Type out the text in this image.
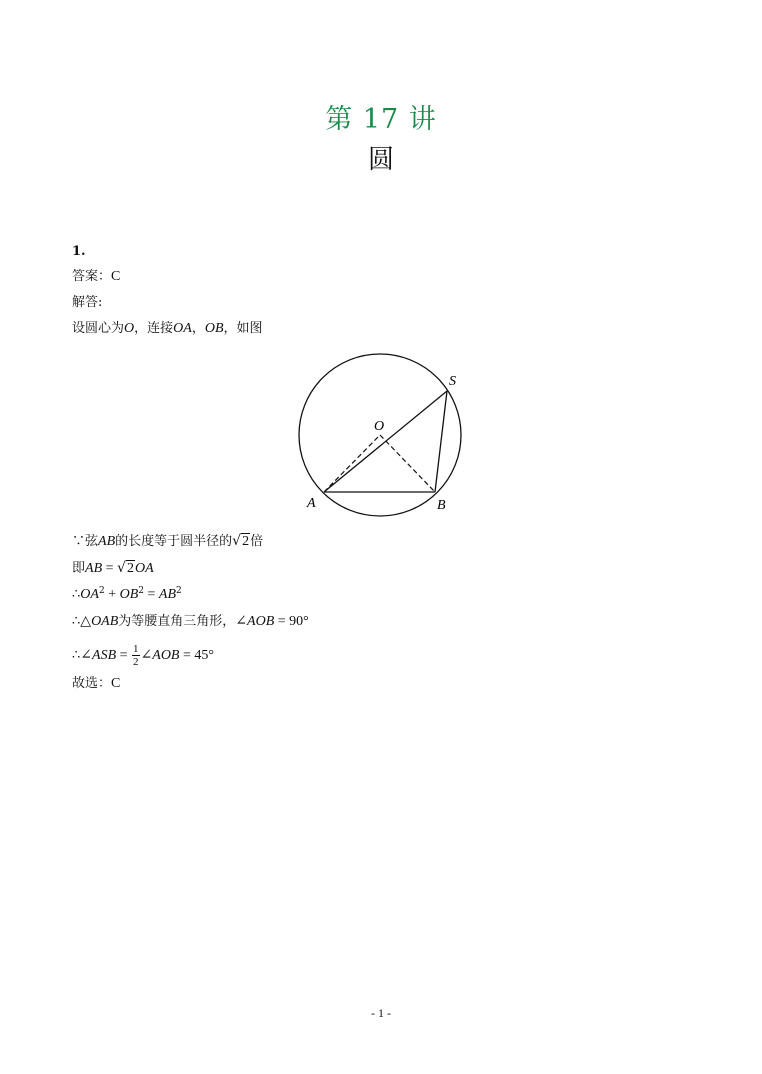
第 17 讲
圆
1.
答案：C
解答:
设圆心为O，连接OA，OB，如图
S
O
A	B
∵弦AB的长度等于圆半径的√2倍
即AB = √2OA
$\therefore OA^2 + OB^2 = AB^2$
∴△OAB为等腰直角三角形，∠AOB = 90°
∴∠ASB = $\frac{1}{2}$ ∠AOB = 45°
故选：C
- 1 -
